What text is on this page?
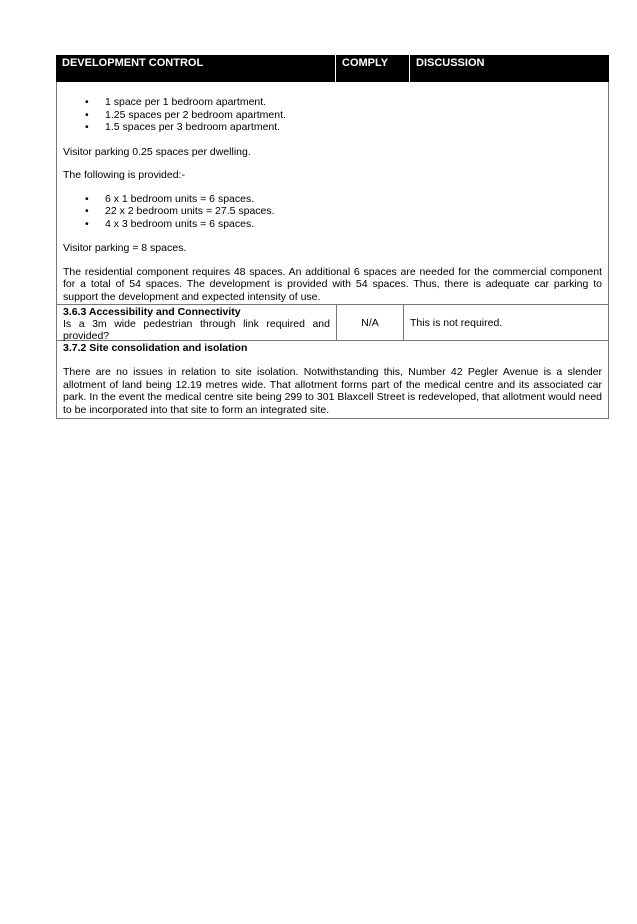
DEVELOPMENT CONTROL	COMPLY	DISCUSSION
• 1 space per 1 bedroom apartment.
• 1.25 spaces per 2 bedroom apartment.
• 1.5 spaces per 3 bedroom apartment.

Visitor parking 0.25 spaces per dwelling.

The following is provided:-

• 6 x 1 bedroom units = 6 spaces.
• 22 x 2 bedroom units = 27.5 spaces.
• 4 x 3 bedroom units = 6 spaces.

Visitor parking = 8 spaces.

The residential component requires 48 spaces. An additional 6 spaces are needed for the commercial component for a total of 54 spaces. The development is provided with 54 spaces. Thus, there is adequate car parking to support the development and expected intensity of use.

3.6.3 Accessibility and Connectivity
Is a 3m wide pedestrian through link required and provided?
N/A	This is not required.
3.7.2 Site consolidation and isolation

There are no issues in relation to site isolation. Notwithstanding this, Number 42 Pegler Avenue is a slender allotment of land being 12.19 metres wide. That allotment forms part of the medical centre and its associated car park. In the event the medical centre site being 299 to 301 Blaxcell Street is redeveloped, that allotment would need to be incorporated into that site to form an integrated site.
